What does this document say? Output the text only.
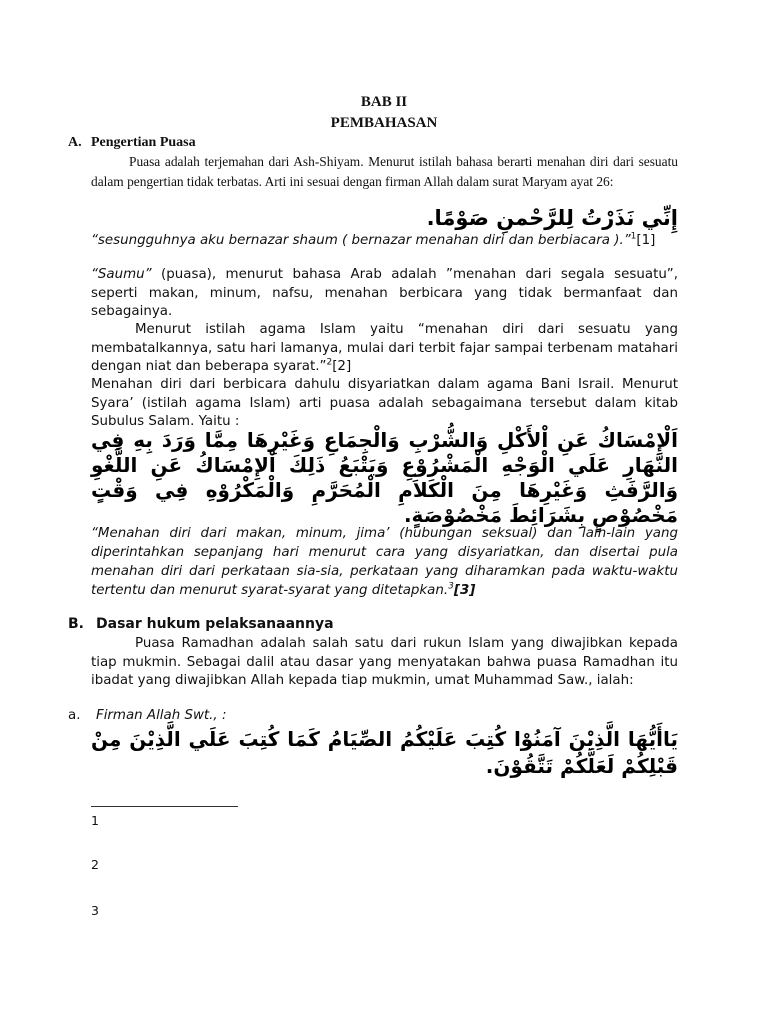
BAB II
PEMBAHASAN
A. Pengertian Puasa
Puasa adalah terjemahan dari Ash-Shiyam. Menurut istilah bahasa berarti menahan diri dari sesuatu dalam pengertian tidak terbatas. Arti ini sesuai dengan firman Allah dalam surat Maryam ayat 26:
إِنِّي نَذَرْتُ لِلرَّحْمنِ صَوْمًا.
“sesungguhnya aku bernazar shaum ( bernazar menahan diri dan berbiacara ).”$^1$[1]
“Saumu” (puasa), menurut bahasa Arab adalah ”menahan dari segala sesuatu”, seperti makan, minum, nafsu, menahan berbicara yang tidak bermanfaat dan sebagainya.
Menurut istilah agama Islam yaitu “menahan diri dari sesuatu yang membatalkannya, satu hari lamanya, mulai dari terbit fajar sampai terbenam matahari dengan niat dan beberapa syarat.”$^2$[2]
Menahan diri dari berbicara dahulu disyariatkan dalam agama Bani Israil. Menurut Syara’ (istilah agama Islam) arti puasa adalah sebagaimana tersebut dalam kitab Subulus Salam. Yaitu :
اَلْإِمْسَاكُ عَنِ اْلأَكْلِ وَالشُّرْبِ وَالْجِمَاعِ وَغَيْرِهَا مِمَّا وَرَدَ بِهِ فِي النَّهَارِ عَلَي الْوَجْهِ الْمَشْرُوْعِ وَيَتْبَعُ ذَلِكَ اْلإِمْسَاكُ عَنِ اللَّغْوِ وَالرَّفَثِ وَغَيْرِهَا مِنَ الْكَلاَمِ الْمُحَرَّمِ وَالْمَكْرُوْهِ فِي وَقْتٍ مَخْصُوْصٍ بِشَرَائِطَ مَخْصُوْصَةٍ.
“Menahan diri dari makan, minum, jima’ (hubungan seksual) dan lain-lain yang diperintahkan sepanjang hari menurut cara yang disyariatkan, dan disertai pula menahan diri dari perkataan sia-sia, perkataan yang diharamkan pada waktu-waktu tertentu dan menurut syarat-syarat yang ditetapkan.$^3$[3]
B. Dasar hukum pelaksanaannya
Puasa Ramadhan adalah salah satu dari rukun Islam yang diwajibkan kepada tiap mukmin. Sebagai dalil atau dasar yang menyatakan bahwa puasa Ramadhan itu ibadat yang diwajibkan Allah kepada tiap mukmin, umat Muhammad Saw., ialah:
a. Firman Allah Swt., :
يَاأَيُّهَا الَّذِيْنَ آمَنُوْا كُتِبَ عَلَيْكُمُ الصِّيَامُ كَمَا كُتِبَ عَلَي الَّذِيْنَ مِنْ قَبْلِكُمْ لَعَلَّكُمْ تَتَّقُوْنَ.
1
2
3
